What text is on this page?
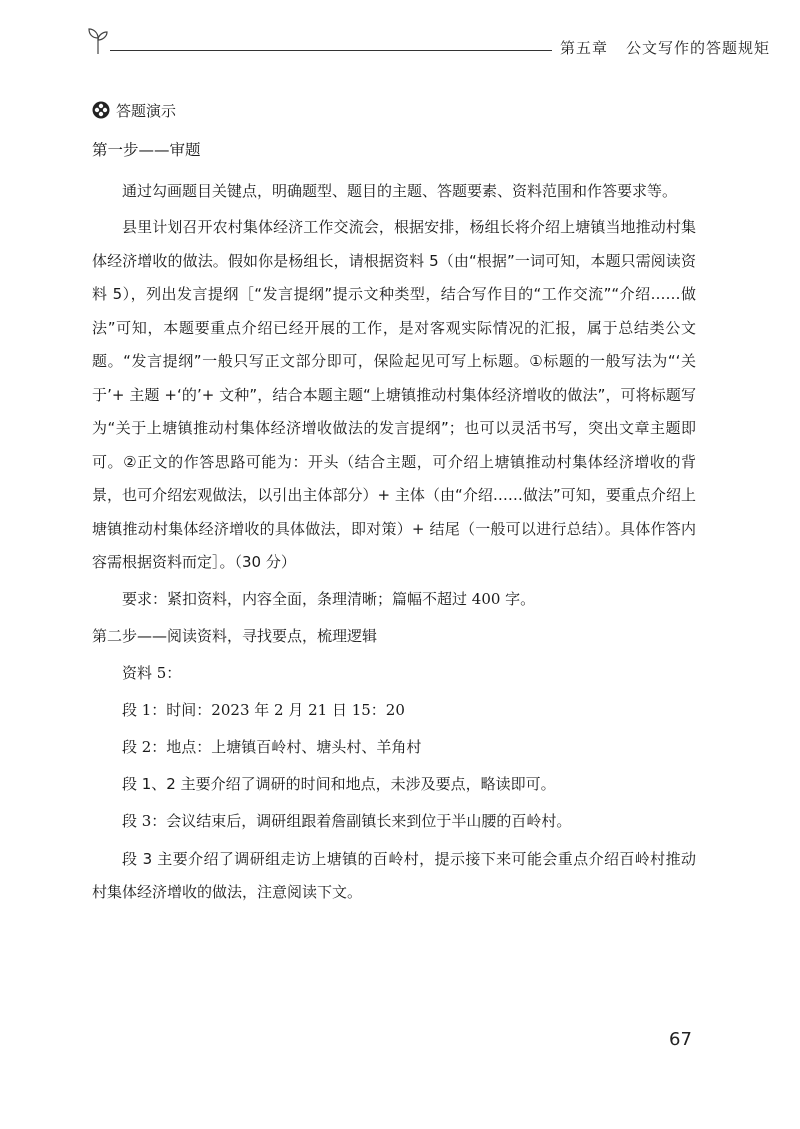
第五章 公文写作的答题规矩
答题演示
第一步——审题

通过勾画题目关键点，明确题型、题目的主题、答题要素、资料范围和作答要求等。

县里计划召开农村集体经济工作交流会，根据安排，杨组长将介绍上塘镇当地推动村集体经济增收的做法。假如你是杨组长，请根据资料 5（由“根据”一词可知，本题只需阅读资料 5），列出发言提纲［“发言提纲”提示文种类型，结合写作目的“工作交流”“介绍……做法”可知，本题要重点介绍已经开展的工作，是对客观实际情况的汇报，属于总结类公文题。“发言提纲”一般只写正文部分即可，保险起见可写上标题。①标题的一般写法为“‘关于’+ 主题 +‘的’+ 文种”，结合本题主题“上塘镇推动村集体经济增收的做法”，可将标题写为“关于上塘镇推动村集体经济增收做法的发言提纲”；也可以灵活书写，突出文章主题即可。②正文的作答思路可能为：开头（结合主题，可介绍上塘镇推动村集体经济增收的背景，也可介绍宏观做法，以引出主体部分）+ 主体（由“介绍……做法”可知，要重点介绍上塘镇推动村集体经济增收的具体做法，即对策）+ 结尾（一般可以进行总结）。具体作答内容需根据资料而定］。（30 分）

要求：紧扣资料，内容全面，条理清晰；篇幅不超过 400 字。

第二步——阅读资料，寻找要点，梳理逻辑

资料 5：

段 1：时间：2023 年 2 月 21 日 15：20

段 2：地点：上塘镇百岭村、塘头村、羊角村

段 1、2 主要介绍了调研的时间和地点，未涉及要点，略读即可。

段 3：会议结束后，调研组跟着詹副镇长来到位于半山腰的百岭村。

段 3 主要介绍了调研组走访上塘镇的百岭村，提示接下来可能会重点介绍百岭村推动村集体经济增收的做法，注意阅读下文。

67
